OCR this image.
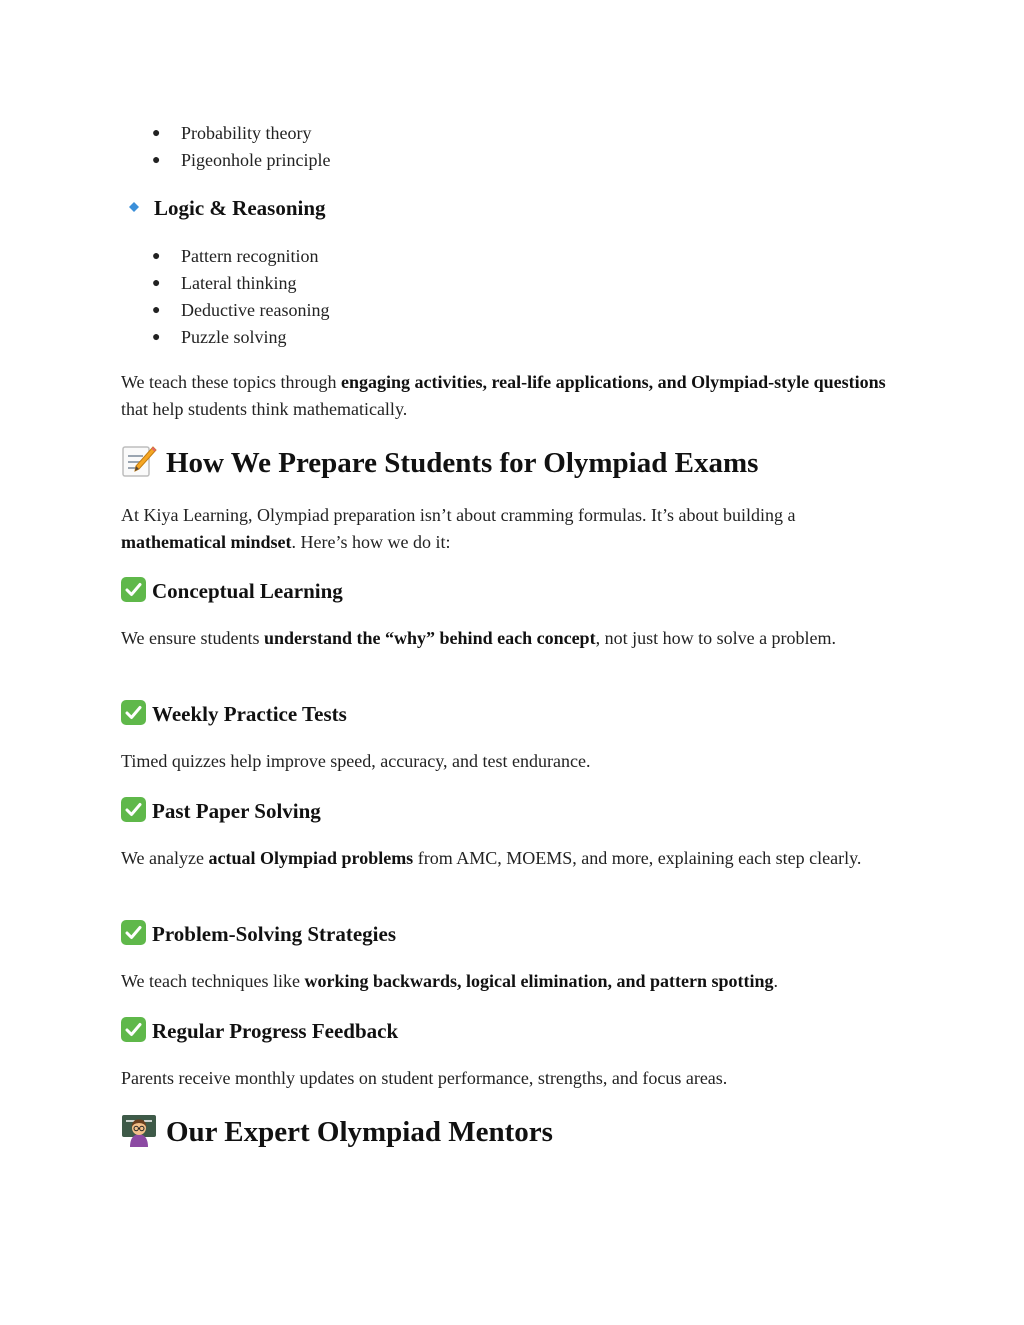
● Probability theory
● Pigeonhole principle
Logic & Reasoning
● Pattern recognition
● Lateral thinking
● Deductive reasoning
● Puzzle solving
We teach these topics through engaging activities, real-life applications, and Olympiad-style questions that help students think mathematically.
How We Prepare Students for Olympiad Exams
At Kiya Learning, Olympiad preparation isn’t about cramming formulas. It’s about building a mathematical mindset. Here’s how we do it:
Conceptual Learning
We ensure students understand the “why” behind each concept, not just how to solve a problem.
Weekly Practice Tests
Timed quizzes help improve speed, accuracy, and test endurance.
Past Paper Solving
We analyze actual Olympiad problems from AMC, MOEMS, and more, explaining each step clearly.
Problem-Solving Strategies
We teach techniques like working backwards, logical elimination, and pattern spotting.
Regular Progress Feedback
Parents receive monthly updates on student performance, strengths, and focus areas.
Our Expert Olympiad Mentors
